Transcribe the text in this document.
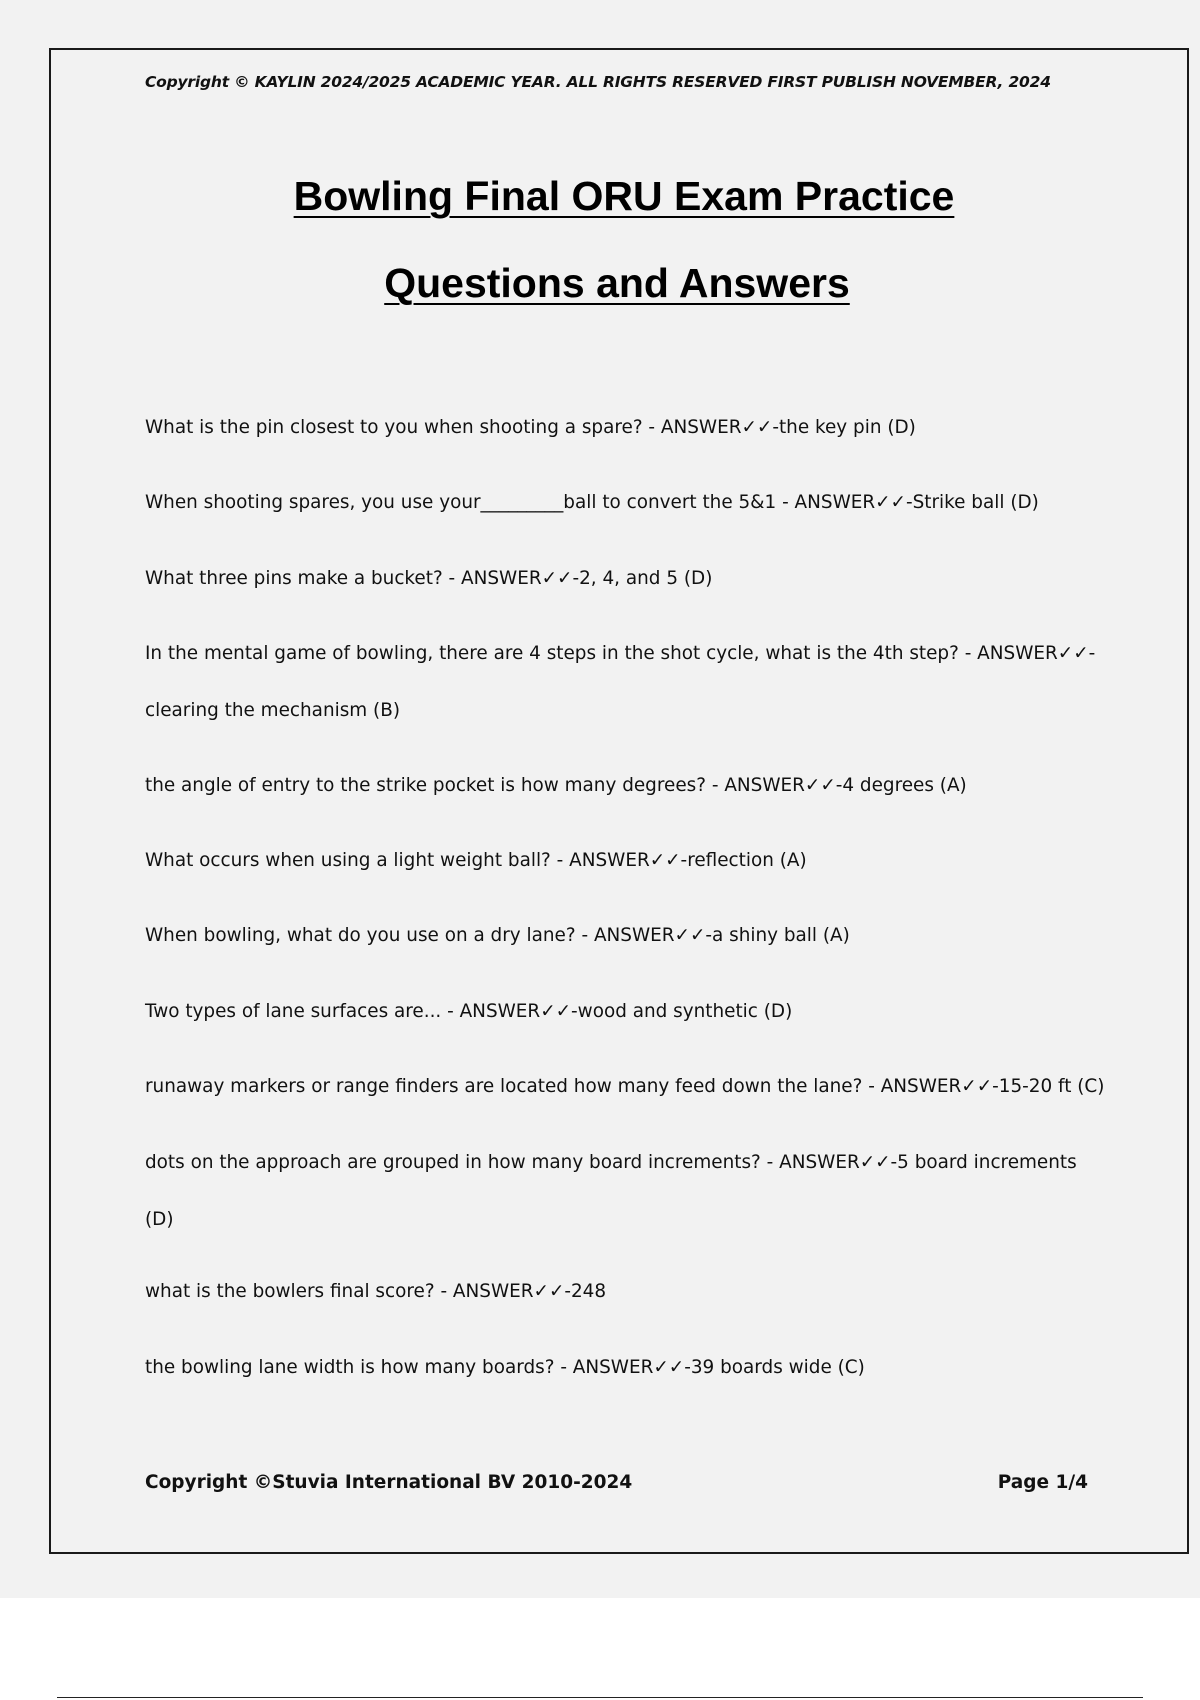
Copyright © KAYLIN 2024/2025 ACADEMIC YEAR. ALL RIGHTS RESERVED FIRST PUBLISH NOVEMBER, 2024
Bowling Final ORU Exam Practice
Questions and Answers
What is the pin closest to you when shooting a spare? - ANSWER✓✓-the key pin (D)
When shooting spares, you use your_________ball to convert the 5&1 - ANSWER✓✓-Strike ball (D)
What three pins make a bucket? - ANSWER✓✓-2, 4, and 5 (D)
In the mental game of bowling, there are 4 steps in the shot cycle, what is the 4th step? - ANSWER✓✓-
clearing the mechanism (B)
the angle of entry to the strike pocket is how many degrees? - ANSWER✓✓-4 degrees (A)
What occurs when using a light weight ball? - ANSWER✓✓-reflection (A)
When bowling, what do you use on a dry lane? - ANSWER✓✓-a shiny ball (A)
Two types of lane surfaces are... - ANSWER✓✓-wood and synthetic (D)
runaway markers or range finders are located how many feed down the lane? - ANSWER✓✓-15-20 ft (C)
dots on the approach are grouped in how many board increments? - ANSWER✓✓-5 board increments
(D)
what is the bowlers final score? - ANSWER✓✓-248
the bowling lane width is how many boards? - ANSWER✓✓-39 boards wide (C)
Copyright ©Stuvia International BV 2010-2024	Page 1/4
